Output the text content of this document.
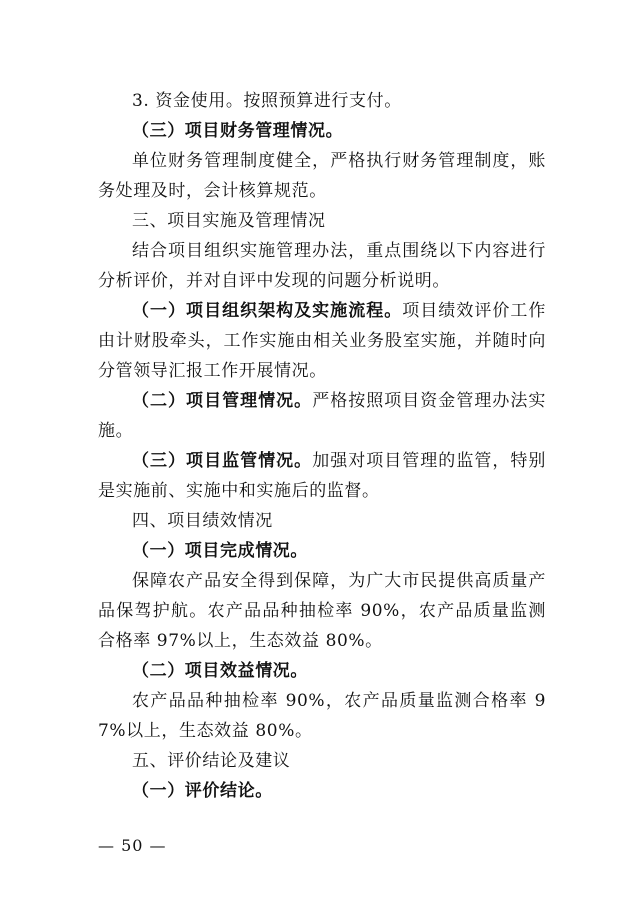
3. 资金使用。按照预算进行支付。

（三）项目财务管理情况。

单位财务管理制度健全，严格执行财务管理制度，账务处理及时，会计核算规范。

三、项目实施及管理情况

结合项目组织实施管理办法，重点围绕以下内容进行分析评价，并对自评中发现的问题分析说明。

（一）项目组织架构及实施流程。项目绩效评价工作由计财股牵头，工作实施由相关业务股室实施，并随时向分管领导汇报工作开展情况。

（二）项目管理情况。严格按照项目资金管理办法实施。

（三）项目监管情况。加强对项目管理的监管，特别是实施前、实施中和实施后的监督。

四、项目绩效情况

（一）项目完成情况。

保障农产品安全得到保障，为广大市民提供高质量产品保驾护航。农产品品种抽检率 90%，农产品质量监测合格率 97%以上，生态效益 80%。

（二）项目效益情况。

农产品品种抽检率 90%，农产品质量监测合格率 97%以上，生态效益 80%。

五、评价结论及建议

（一）评价结论。

— 50 —
